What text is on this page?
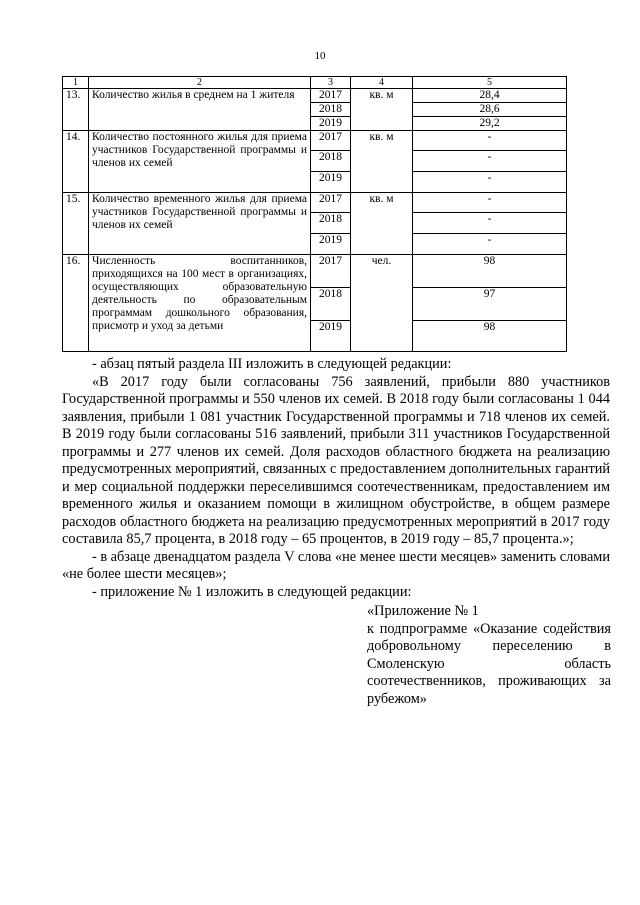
10
1	2	3	4	5
13.	Количество жилья в среднем на 1 жителя	2017	кв. м	28,4
		2018		28,6
		2019		29,2
14.	Количество постоянного жилья для приема участников Государственной программы и членов их семей	2017	кв. м	-
		2018		-
		2019		-
15.	Количество временного жилья для приема участников Государственной программы и членов их семей	2017	кв. м	-
		2018		-
		2019		-
16.	Численность воспитанников, приходящихся на 100 мест в организациях, осуществляющих образовательную деятельность по образовательным программам дошкольного образования, присмотр и уход за детьми	2017	чел.	98
		2018		97
		2019		98

- абзац пятый раздела III изложить в следующей редакции:

«В 2017 году были согласованы 756 заявлений, прибыли 880 участников Государственной программы и 550 членов их семей. В 2018 году были согласованы 1 044 заявления, прибыли 1 081 участник Государственной программы и 718 членов их семей. В 2019 году были согласованы 516 заявлений, прибыли 311 участников Государственной программы и 277 членов их семей. Доля расходов областного бюджета на реализацию предусмотренных мероприятий, связанных с предоставлением дополнительных гарантий и мер социальной поддержки переселившимся соотечественникам, предоставлением им временного жилья и оказанием помощи в жилищном обустройстве, в общем размере расходов областного бюджета на реализацию предусмотренных мероприятий в 2017 году составила 85,7 процента, в 2018 году – 65 процентов, в 2019 году – 85,7 процента.»;

- в абзаце двенадцатом раздела V слова «не менее шести месяцев» заменить словами «не более шести месяцев»;

- приложение № 1 изложить в следующей редакции:

«Приложение № 1
к подпрограмме «Оказание содействия добровольному переселению в Смоленскую область соотечественников, проживающих за рубежом»
